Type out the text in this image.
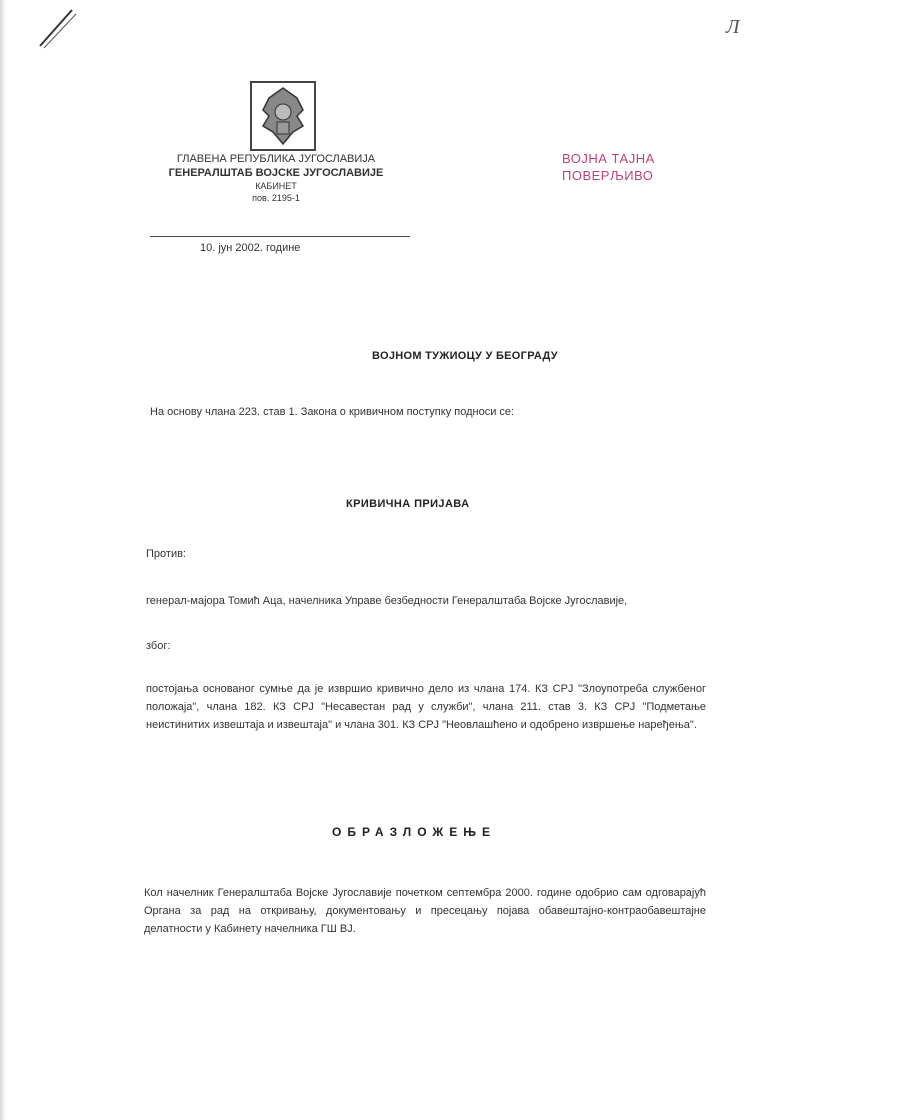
Л
ГЛАВЕНА РЕПУБЛИКА ЈУГОСЛАВИЈА
ГЕНЕРАЛШТАБ ВОЈСКЕ ЈУГОСЛАВИЈЕ
КАБИНЕТ
пов. 2195-1
10. јун 2002. године
ВОЈНА ТАЈНА
ПОВЕРЉИВО
ВОЈНОМ ТУЖИОЦУ У БЕОГРАДУ
На основу члана 223. став 1. Закона о кривичном поступку подноси се:
КРИВИЧНА ПРИЈАВА
Против:
генерал-мајора Томић Аца, начелника Управе безбедности Генералштаба Војске Југославије,
због:
постојања основаног сумње да је извршио кривично дело из члана 174. КЗ СРЈ "Злоупотреба службеног положаја", члана 182. КЗ СРЈ "Несавестан рад у служби", члана 211. став 3. КЗ СРЈ "Подметање неистинитих извештаја и извештаја" и члана 301. КЗ СРЈ "Неовлашћено и одобрено извршење наређења".
ОБРАЗЛОЖЕЊЕ
Кол начелник Генералштаба Војске Југославије почетком септембра 2000. године одобрио сам одговарајућ Органа за рад на откривању, документовању и пресецању појава обавештајно-контраобавештајне делатности у Кабинету начелника ГШ ВЈ.
